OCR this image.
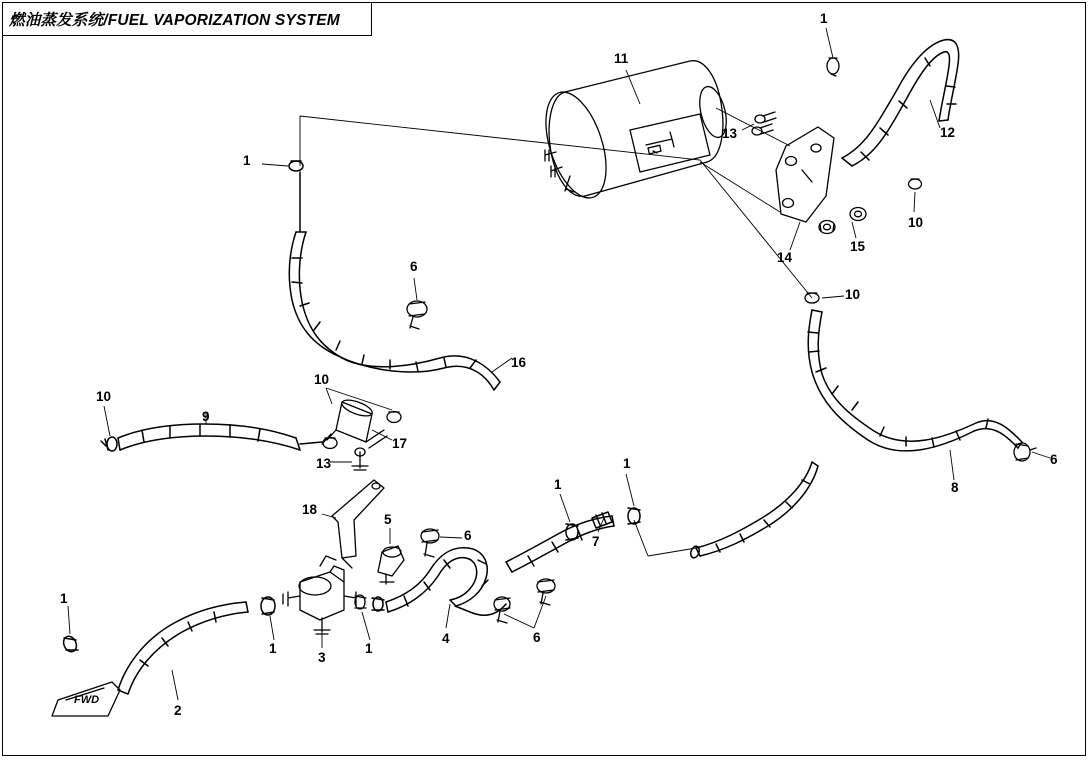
燃油蒸发系统/FUEL VAPORIZATION SYSTEM	1
11
13	12
1
10
15
14
6
10
16
10
10
9
17
6
13	1
8
1
18
5
6	7
1
1
3
1
4	6
2
FWD
